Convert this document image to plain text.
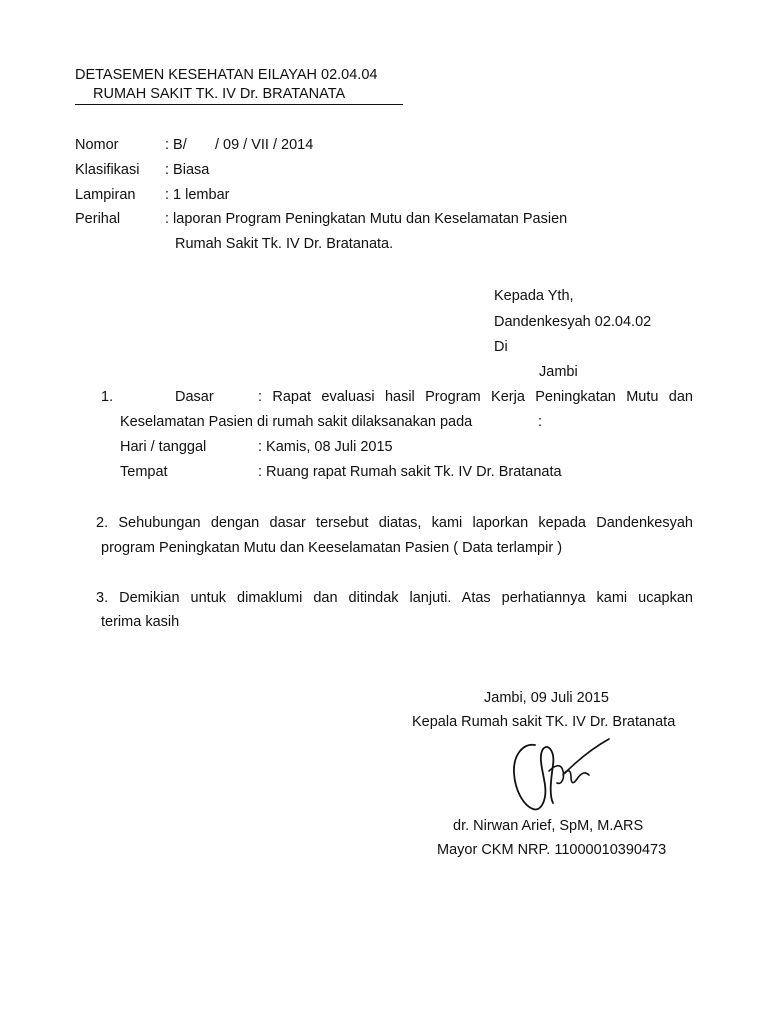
DETASEMEN KESEHATAN EILAYAH 02.04.04
RUMAH SAKIT TK. IV Dr. BRATANATA
Nomor	: B/       / 09 / VII / 2014
Klasifikasi : Biasa
Lampiran : 1 lembar
Perihal	: laporan Program Peningkatan Mutu dan Keselamatan Pasien
Rumah Sakit Tk. IV Dr. Bratanata.
Kepada Yth,
Dandenkesyah 02.04.02
Di
Jambi
1.	Dasar	: Rapat evaluasi hasil Program Kerja Peningkatan Mutu dan
Keselamatan Pasien di rumah sakit dilaksanakan pada	:
Hari / tanggal	: Kamis, 08 Juli 2015
Tempat	: Ruang rapat Rumah sakit Tk. IV Dr. Bratanata
2. Sehubungan dengan dasar tersebut diatas, kami laporkan kepada Dandenkesyah
program Peningkatan Mutu dan Keeselamatan Pasien ( Data terlampir )
3. Demikian untuk dimaklumi dan ditindak lanjuti. Atas perhatiannya kami ucapkan
terima kasih
Jambi, 09 Juli 2015
Kepala Rumah sakit TK. IV Dr. Bratanata
dr. Nirwan Arief, SpM, M.ARS
Mayor CKM NRP. 11000010390473
